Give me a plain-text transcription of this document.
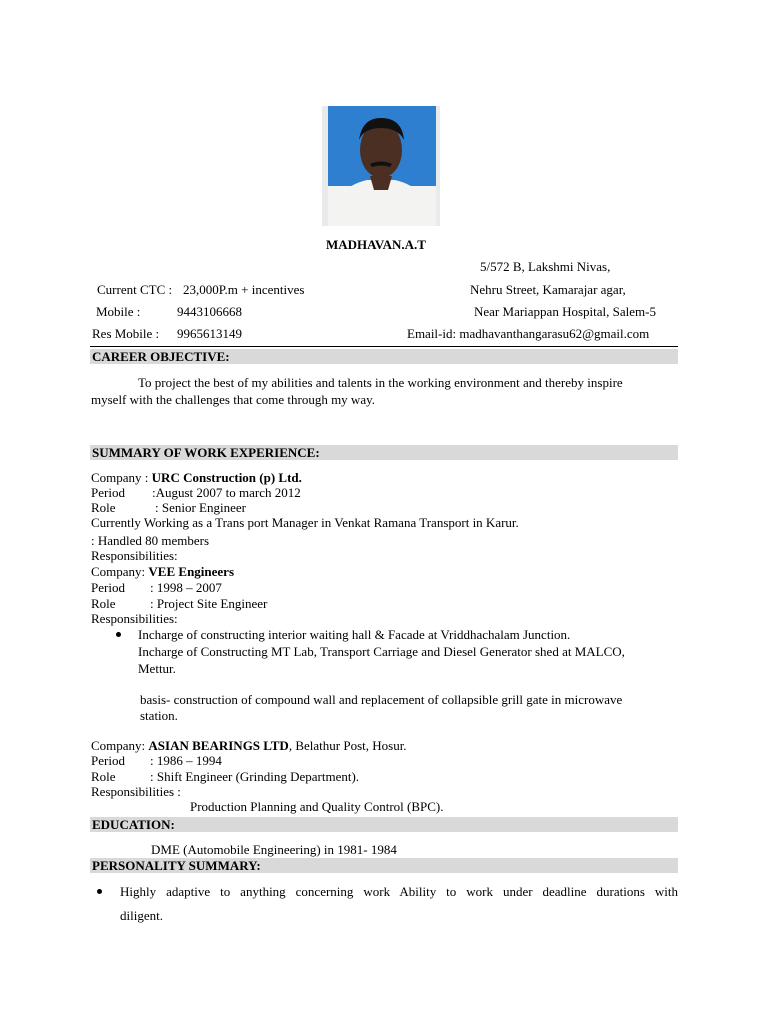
MADHAVAN.A.T
5/572 B, Lakshmi Nivas,
Current CTC : 23,000P.m + incentives	Nehru Street, Kamarajar agar,
Mobile :	9443106668	Near Mariappan Hospital, Salem-5
Res Mobile : 9965613149	Email-id: madhavanthangarasu62@gmail.com
CAREER OBJECTIVE:
To project the best of my abilities and talents in the working environment and thereby inspire
myself with the challenges that come through my way.
SUMMARY OF WORK EXPERIENCE:
Company : URC Construction (p) Ltd.
Period :August 2007 to march 2012
Role	: Senior Engineer
Currently Working as a Trans port Manager in Venkat Ramana Transport in Karur.
: Handled 80 members
Responsibilities:
Company: VEE Engineers
Period : 1998 – 2007
Role	: Project Site Engineer
Responsibilities:
Incharge of constructing interior waiting hall & Facade at Vriddhachalam Junction.
Incharge of Constructing MT Lab, Transport Carriage and Diesel Generator shed at MALCO,
Mettur.
basis- construction of compound wall and replacement of collapsible grill gate in microwave
station.
Company: ASIAN BEARINGS LTD, Belathur Post, Hosur.
Period : 1986 – 1994
Role	: Shift Engineer (Grinding Department).
Responsibilities :
Production Planning and Quality Control (BPC).
EDUCATION:
DME (Automobile Engineering) in 1981- 1984
PERSONALITY SUMMARY:
Highly adaptive to anything concerning work Ability to work under deadline durations with
diligent.
